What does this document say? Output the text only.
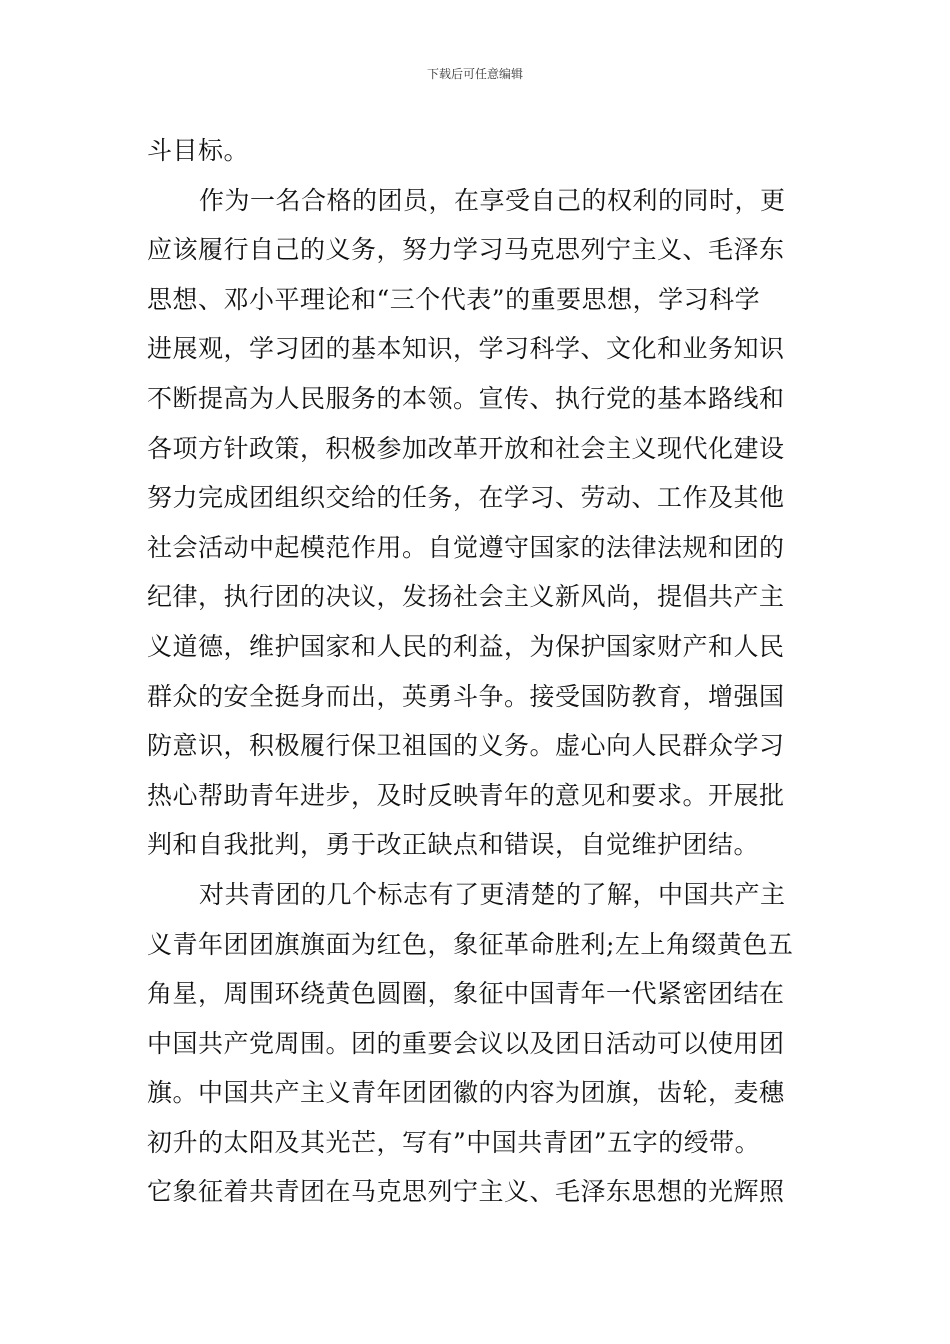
下载后可任意编辑
斗目标。
作为一名合格的团员，在享受自己的权利的同时，更
应该履行自己的义务，努力学习马克思列宁主义、毛泽东
思想、邓小平理论和“三个代表”的重要思想，学习科学
进展观，学习团的基本知识，学习科学、文化和业务知识
不断提高为人民服务的本领。宣传、执行党的基本路线和
各项方针政策，积极参加改革开放和社会主义现代化建设
努力完成团组织交给的任务，在学习、劳动、工作及其他
社会活动中起模范作用。自觉遵守国家的法律法规和团的
纪律，执行团的决议，发扬社会主义新风尚，提倡共产主
义道德，维护国家和人民的利益，为保护国家财产和人民
群众的安全挺身而出，英勇斗争。接受国防教育，增强国
防意识，积极履行保卫祖国的义务。虚心向人民群众学习
热心帮助青年进步，及时反映青年的意见和要求。开展批
判和自我批判，勇于改正缺点和错误，自觉维护团结。
对共青团的几个标志有了更清楚的了解，中国共产主
义青年团团旗旗面为红色，象征革命胜利;左上角缀黄色五
角星，周围环绕黄色圆圈，象征中国青年一代紧密团结在
中国共产党周围。团的重要会议以及团日活动可以使用团
旗。中国共产主义青年团团徽的内容为团旗，齿轮，麦穗
初升的太阳及其光芒，写有”中国共青团”五字的绶带。
它象征着共青团在马克思列宁主义、毛泽东思想的光辉照
